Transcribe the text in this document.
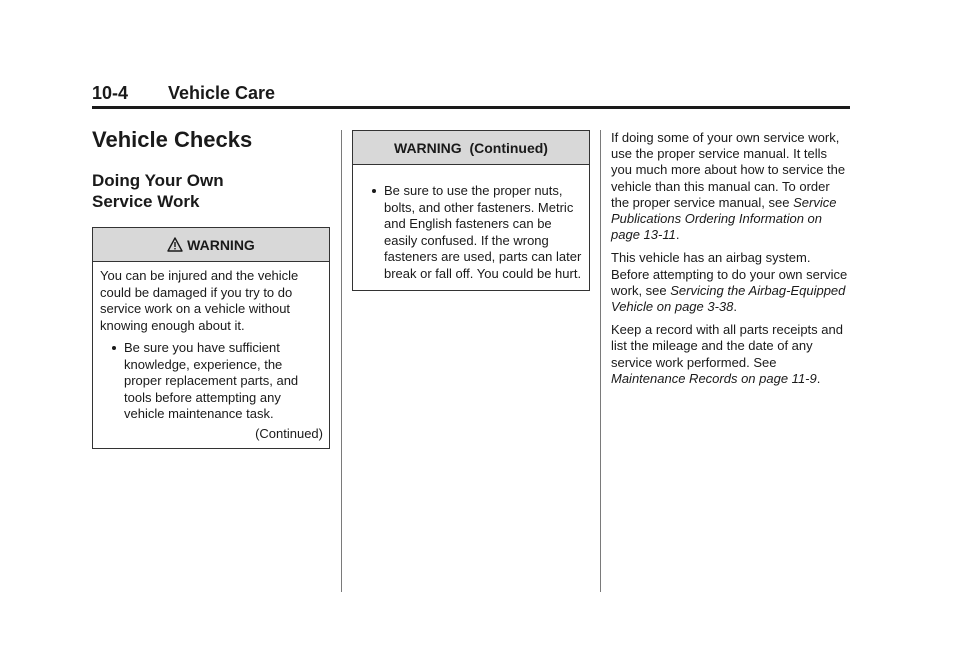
10-4 Vehicle Care
Vehicle Checks
Doing Your Own
Service Work
WARNING

You can be injured and the vehicle could be damaged if you try to do service work on a vehicle without knowing enough about it.

Be sure you have sufficient knowledge, experience, the proper replacement parts, and tools before attempting any vehicle maintenance task.
(Continued)
WARNING  (Continued)
Be sure to use the proper nuts, bolts, and other fasteners. Metric and English fasteners can be easily confused. If the wrong fasteners are used, parts can later break or fall off. You could be hurt.

If doing some of your own service work, use the proper service manual. It tells you much more about how to service the vehicle than this manual can. To order the proper service manual, see Service Publications Ordering Information on page 13-11.

This vehicle has an airbag system. Before attempting to do your own service work, see Servicing the Airbag-Equipped Vehicle on page 3-38.

Keep a record with all parts receipts and list the mileage and the date of any service work performed. See Maintenance Records on page 11-9.
